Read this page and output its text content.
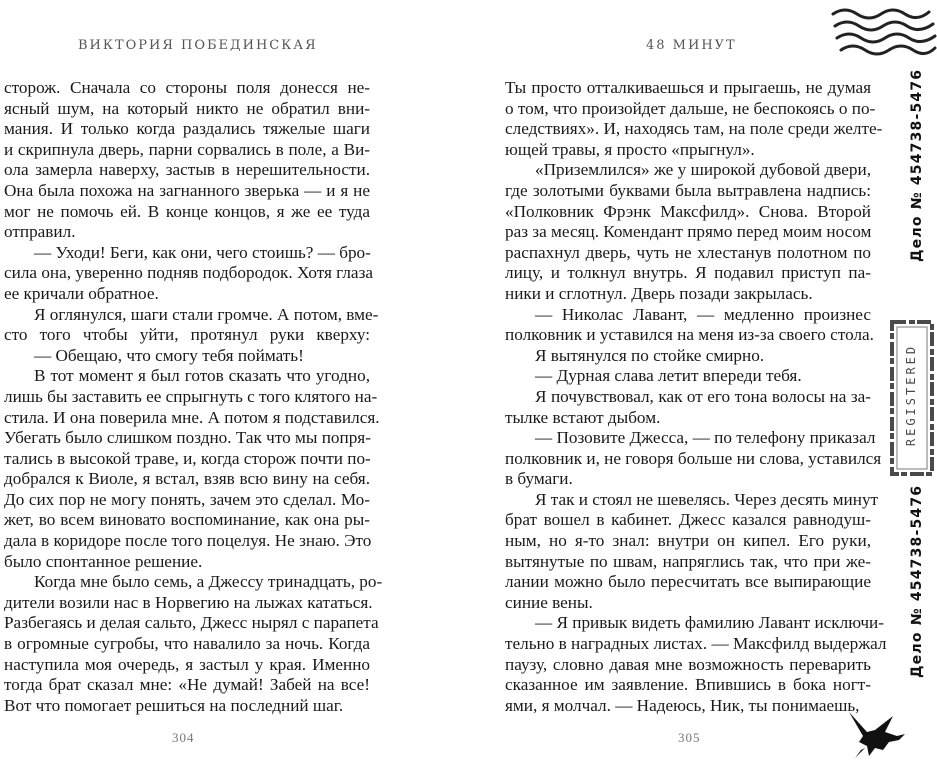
ВИКТОРИЯ ПОБЕДИНСКАЯ
сторож. Сначала со стороны поля донесся не-
ясный шум, на который никто не обратил вни-
мания. И только когда раздались тяжелые шаги
и скрипнула дверь, парни сорвались в поле, а Ви-
ола замерла наверху, застыв в нерешительности.
Она была похожа на загнанного зверька — и я не
мог не помочь ей. В конце концов, я же ее туда
отправил.
— Уходи! Беги, как они, чего стоишь? — бро-
сила она, уверенно подняв подбородок. Хотя глаза
ее кричали обратное.
Я оглянулся, шаги стали громче. А потом, вме-
сто того чтобы уйти, протянул руки кверху:
— Обещаю, что смогу тебя поймать!
В тот момент я был готов сказать что угодно,
лишь бы заставить ее спрыгнуть с того клятого на-
стила. И она поверила мне. А потом я подставился.
Убегать было слишком поздно. Так что мы попря-
тались в высокой траве, и, когда сторож почти по-
добрался к Виоле, я встал, взяв всю вину на себя.
До сих пор не могу понять, зачем это сделал. Мо-
жет, во всем виновато воспоминание, как она ры-
дала в коридоре после того поцелуя. Не знаю. Это
было спонтанное решение.
Когда мне было семь, а Джессу тринадцать, ро-
дители возили нас в Норвегию на лыжах кататься.
Разбегаясь и делая сальто, Джесс нырял с парапета
в огромные сугробы, что навалило за ночь. Когда
наступила моя очередь, я застыл у края. Именно
тогда брат сказал мне: «Не думай! Забей на все!
Вот что помогает решиться на последний шаг.
304
48 МИНУТ
Ты просто отталкиваешься и прыгаешь, не думая
о том, что произойдет дальше, не беспокоясь о по-
следствиях». И, находясь там, на поле среди желте-
ющей травы, я просто «прыгнул».
«Приземлился» же у широкой дубовой двери,
где золотыми буквами была вытравлена надпись:
«Полковник Фрэнк Максфилд». Снова. Второй
раз за месяц. Комендант прямо перед моим носом
распахнул дверь, чуть не хлестанув полотном по
лицу, и толкнул внутрь. Я подавил приступ па-
ники и сглотнул. Дверь позади закрылась.
— Николас Лавант, — медленно произнес
полковник и уставился на меня из-за своего стола.
Я вытянулся по стойке смирно.
— Дурная слава летит впереди тебя.
Я почувствовал, как от его тона волосы на за-
тылке встают дыбом.
— Позовите Джесса, — по телефону приказал
полковник и, не говоря больше ни слова, уставился
в бумаги.
Я так и стоял не шевелясь. Через десять минут
брат вошел в кабинет. Джесс казался равнодуш-
ным, но я-то знал: внутри он кипел. Его руки,
вытянутые по швам, напряглись так, что при же-
лании можно было пересчитать все выпирающие
синие вены.
— Я привык видеть фамилию Лавант исключи-
тельно в наградных листах. — Максфилд выдержал
паузу, словно давая мне возможность переварить
сказанное им заявление. Впившись в бока ногт-
ями, я молчал. — Надеюсь, Ник, ты понимаешь,
305
Дело № 454738-5476
REGISTERED
Дело № 454738-5476
